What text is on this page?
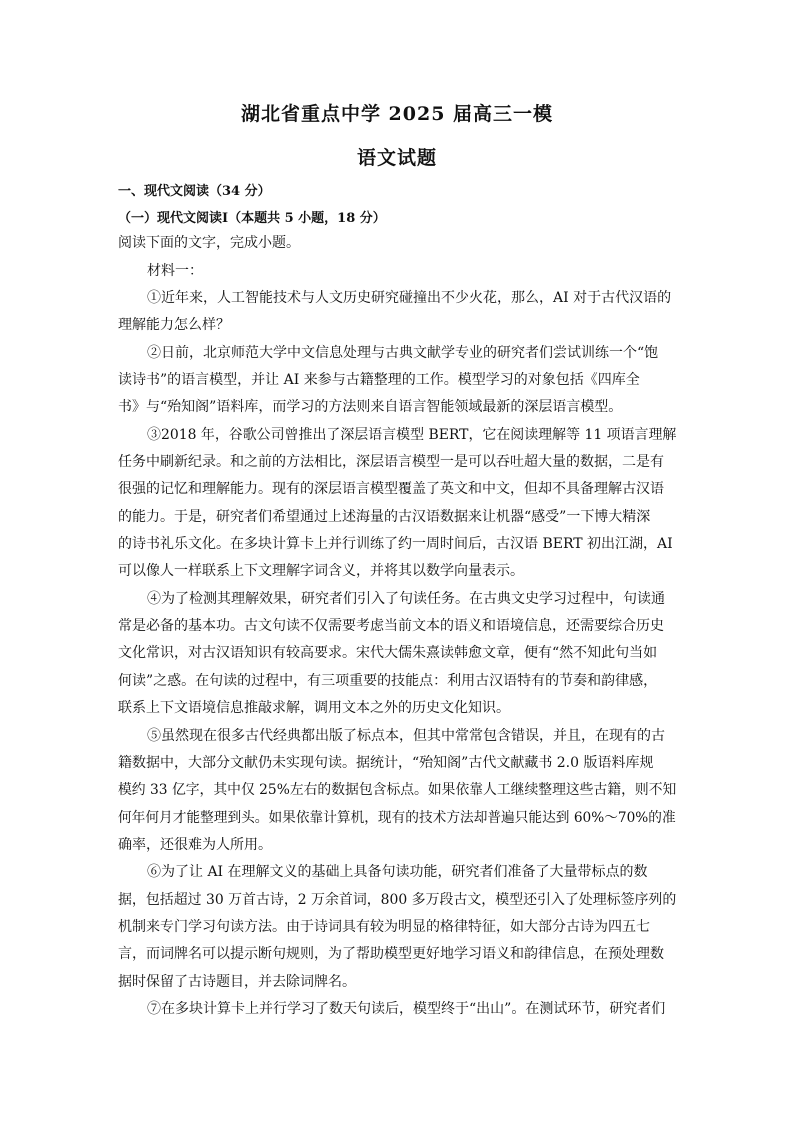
湖北省重点中学 2025 届高三一模
语文试题
一、现代文阅读（34 分）
（一）现代文阅读Ⅰ（本题共 5 小题，18 分）
阅读下面的文字，完成小题。
材料一：
①近年来，人工智能技术与人文历史研究碰撞出不少火花，那么，AI 对于古代汉语的
理解能力怎么样？
②日前，北京师范大学中文信息处理与古典文献学专业的研究者们尝试训练一个“饱
读诗书”的语言模型，并让 AI 来参与古籍整理的工作。模型学习的对象包括《四库全
书》与“殆知阁”语料库，而学习的方法则来自语言智能领域最新的深层语言模型。
③2018 年，谷歌公司曾推出了深层语言模型 BERT，它在阅读理解等 11 项语言理解
任务中刷新纪录。和之前的方法相比，深层语言模型一是可以吞吐超大量的数据，二是有
很强的记忆和理解能力。现有的深层语言模型覆盖了英文和中文，但却不具备理解古汉语
的能力。于是，研究者们希望通过上述海量的古汉语数据来让机器“感受”一下博大精深
的诗书礼乐文化。在多块计算卡上并行训练了约一周时间后，古汉语 BERT 初出江湖，AI
可以像人一样联系上下文理解字词含义，并将其以数学向量表示。
④为了检测其理解效果，研究者们引入了句读任务。在古典文史学习过程中，句读通
常是必备的基本功。古文句读不仅需要考虑当前文本的语义和语境信息，还需要综合历史
文化常识，对古汉语知识有较高要求。宋代大儒朱熹读韩愈文章，便有“然不知此句当如
何读”之惑。在句读的过程中，有三项重要的技能点：利用古汉语特有的节奏和韵律感，
联系上下文语境信息推敲求解，调用文本之外的历史文化知识。
⑤虽然现在很多古代经典都出版了标点本，但其中常常包含错误，并且，在现有的古
籍数据中，大部分文献仍未实现句读。据统计，“殆知阁”古代文献藏书 2.0 版语料库规
模约 33 亿字，其中仅 25%左右的数据包含标点。如果依靠人工继续整理这些古籍，则不知
何年何月才能整理到头。如果依靠计算机，现有的技术方法却普遍只能达到 60%～70%的准
确率，还很难为人所用。
⑥为了让 AI 在理解文义的基础上具备句读功能，研究者们准备了大量带标点的数
据，包括超过 30 万首古诗，2 万余首词，800 多万段古文，模型还引入了处理标签序列的
机制来专门学习句读方法。由于诗词具有较为明显的格律特征，如大部分古诗为四五七
言，而词牌名可以提示断句规则，为了帮助模型更好地学习语义和韵律信息，在预处理数
据时保留了古诗题目，并去除词牌名。
⑦在多块计算卡上并行学习了数天句读后，模型终于“出山”。在测试环节，研究者们
